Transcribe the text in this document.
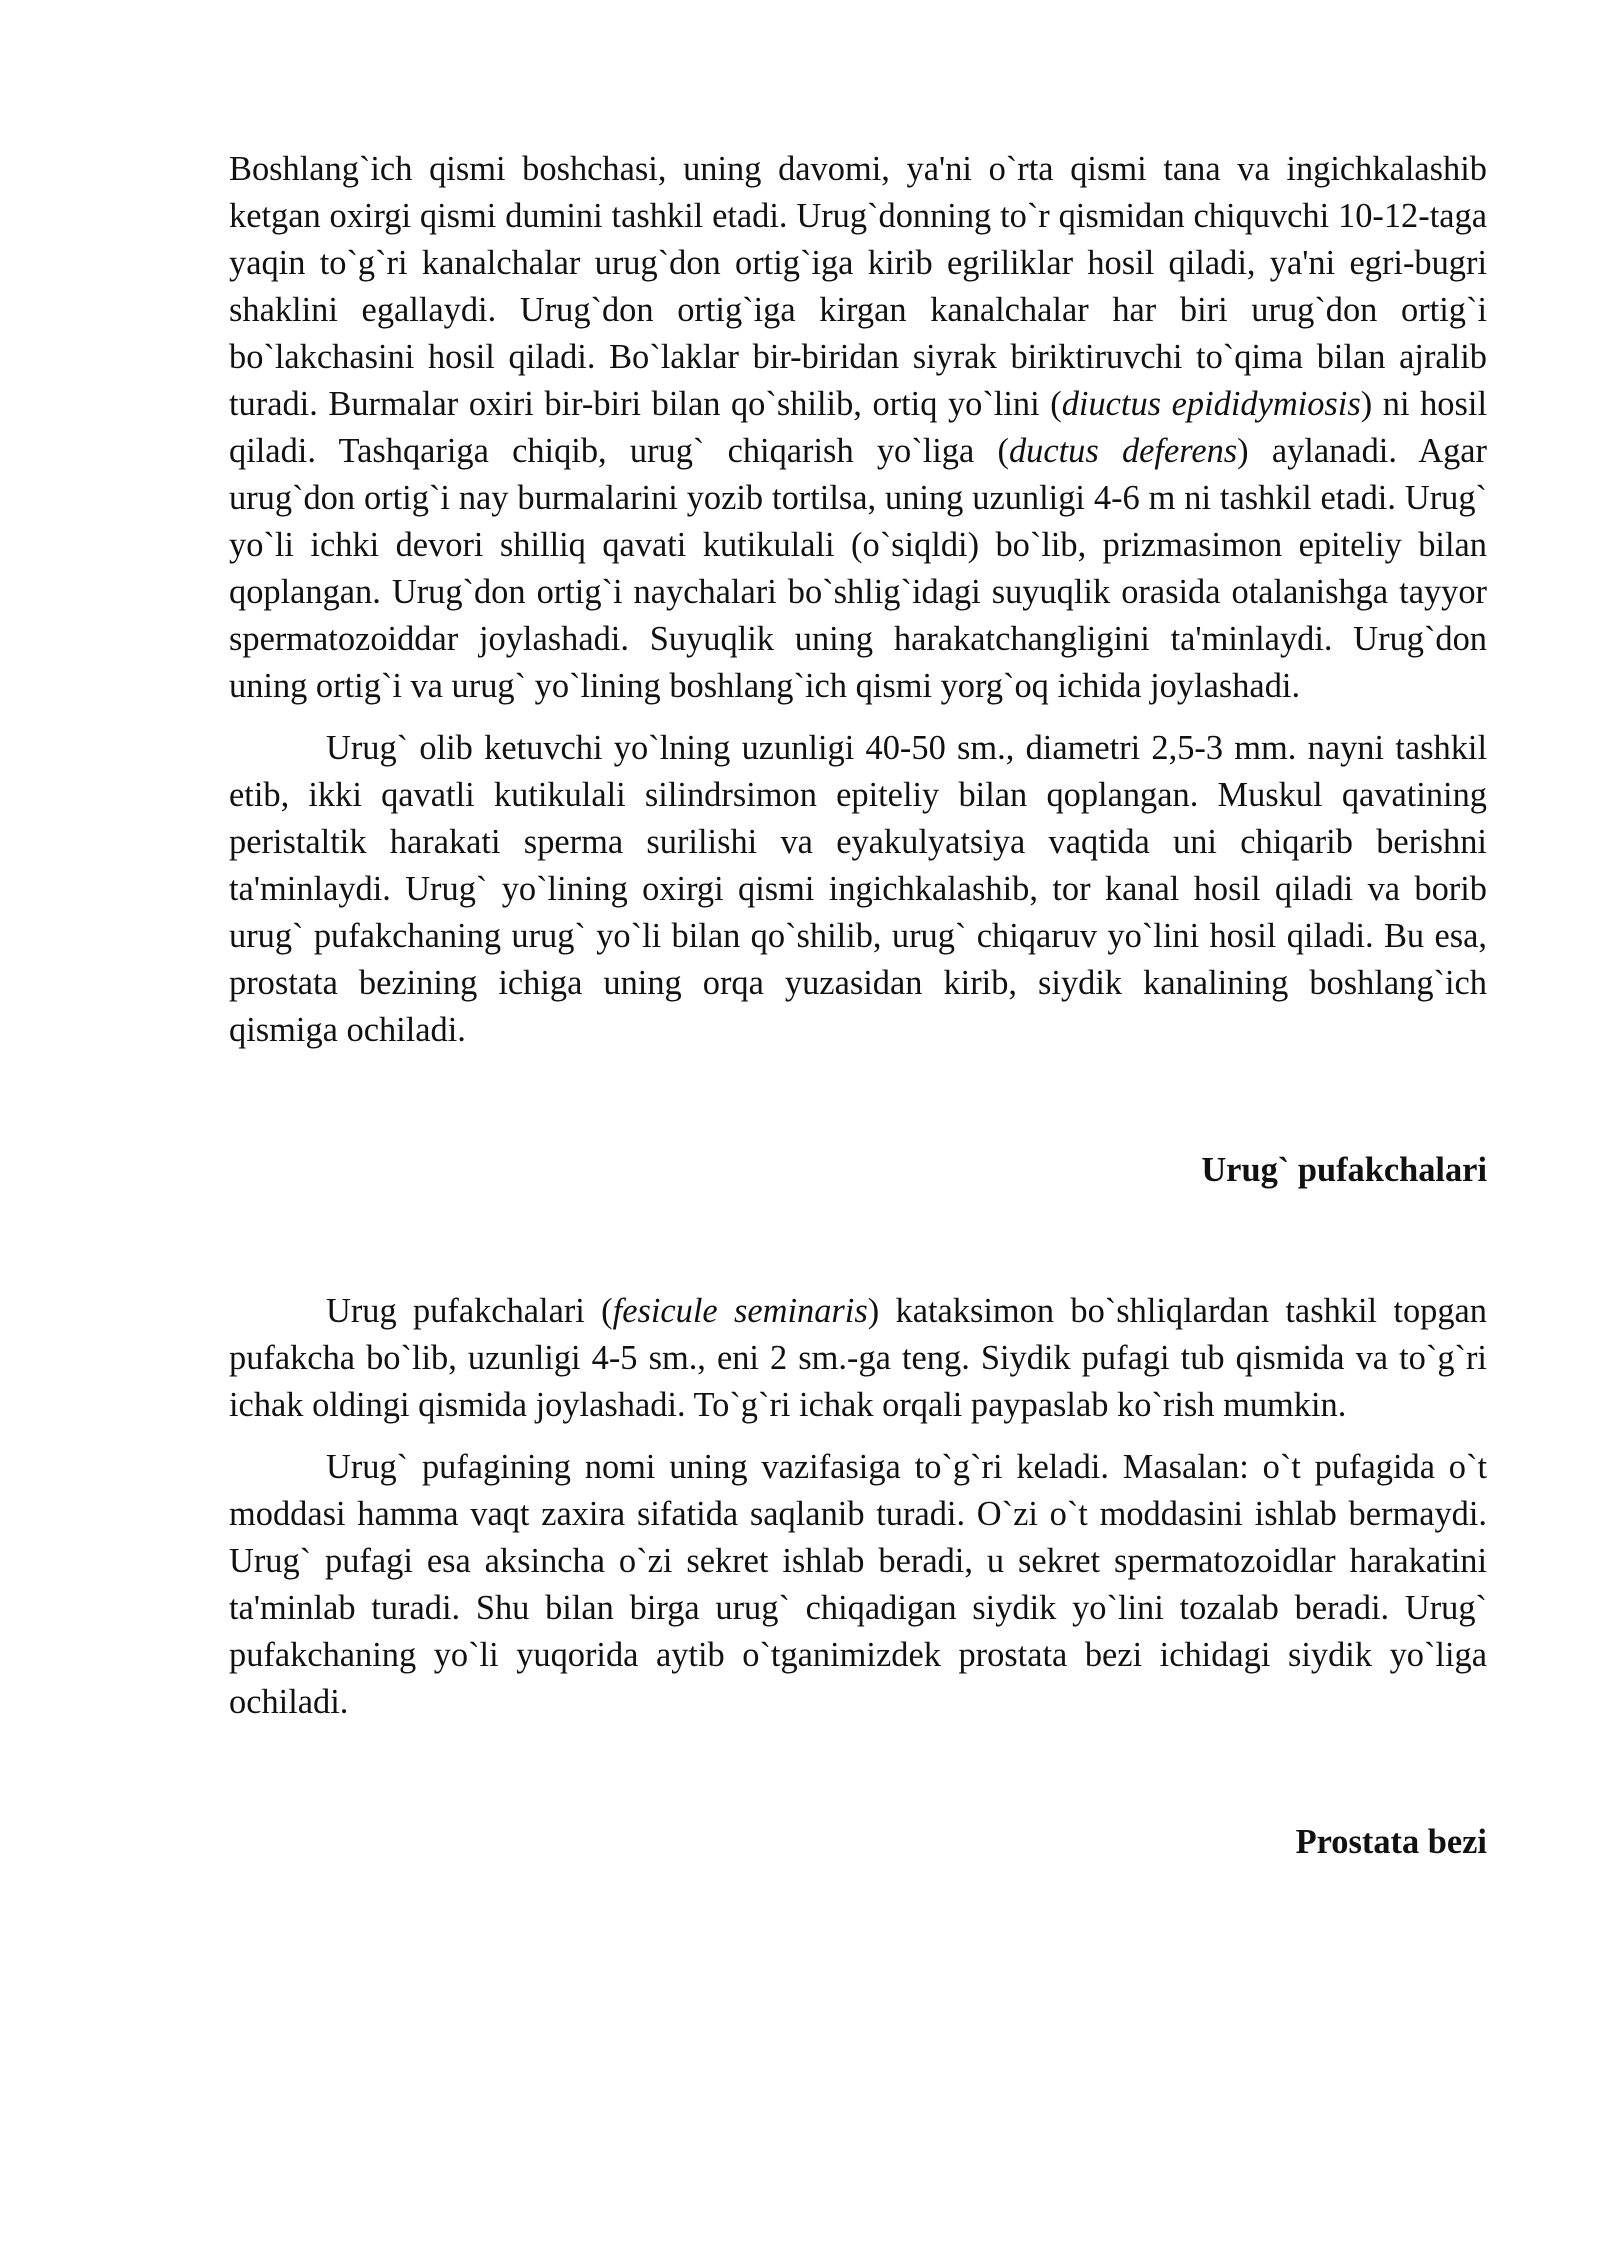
Boshlang`ich qismi boshchasi, uning davomi, ya'ni o`rta qismi tana va ingichkalashib ketgan oxirgi qismi dumini tashkil etadi. Urug`donning to`r qismidan chiquvchi 10-12-taga yaqin to`g`ri kanalchalar urug`don ortig`iga kirib egriliklar hosil qiladi, ya'ni egri-bugri shaklini egallaydi. Urug`don ortig`iga kirgan kanalchalar har biri urug`don ortig`i bo`lakchasini hosil qiladi. Bo`laklar bir-biridan siyrak biriktiruvchi to`qima bilan ajralib turadi. Burmalar oxiri bir-biri bilan qo`shilib, ortiq yo`lini (diuctus epididymiosis) ni hosil qiladi. Tashqariga chiqib, urug` chiqarish yo`liga (ductus deferens) aylanadi. Agar urug`don ortig`i nay burmalarini yozib tortilsa, uning uzunligi 4-6 m ni tashkil etadi. Urug` yo`li ichki devori shilliq qavati kutikulali (o`siqldi) bo`lib, prizmasimon epiteliy bilan qoplangan. Urug`don ortig`i naychalari bo`shlig`idagi suyuqlik orasida otalanishga tayyor spermatozoiddar joylashadi. Suyuqlik uning harakatchangligini ta'minlaydi. Urug`don uning ortig`i va urug` yo`lining boshlang`ich qismi yorg`oq ichida joylashadi.

Urug` olib ketuvchi yo`lning uzunligi 40-50 sm., diametri 2,5-3 mm. nayni tashkil etib, ikki qavatli kutikulali silindrsimon epiteliy bilan qoplangan. Muskul qavatining peristaltik harakati sperma surilishi va eyakulyatsiya vaqtida uni chiqarib berishni ta'minlaydi. Urug` yo`lining oxirgi qismi ingichkalashib, tor kanal hosil qiladi va borib urug` pufakchaning urug` yo`li bilan qo`shilib, urug` chiqaruv yo`lini hosil qiladi. Bu esa, prostata bezining ichiga uning orqa yuzasidan kirib, siydik kanalining boshlang`ich qismiga ochiladi.

Urug` pufakchalari

Urug pufakchalari (fesicule seminaris) kataksimon bo`shliqlardan tashkil topgan pufakcha bo`lib, uzunligi 4-5 sm., eni 2 sm.-ga teng. Siydik pufagi tub qismida va to`g`ri ichak oldingi qismida joylashadi. To`g`ri ichak orqali paypaslab ko`rish mumkin.

Urug` pufagining nomi uning vazifasiga to`g`ri keladi. Masalan: o`t pufagida o`t moddasi hamma vaqt zaxira sifatida saqlanib turadi. O`zi o`t moddasini ishlab bermaydi. Urug` pufagi esa aksincha o`zi sekret ishlab beradi, u sekret spermatozoidlar harakatini ta'minlab turadi. Shu bilan birga urug` chiqadigan siydik yo`lini tozalab beradi. Urug` pufakchaning yo`li yuqorida aytib o`tganimizdek prostata bezi ichidagi siydik yo`liga ochiladi.

Prostata bezi
